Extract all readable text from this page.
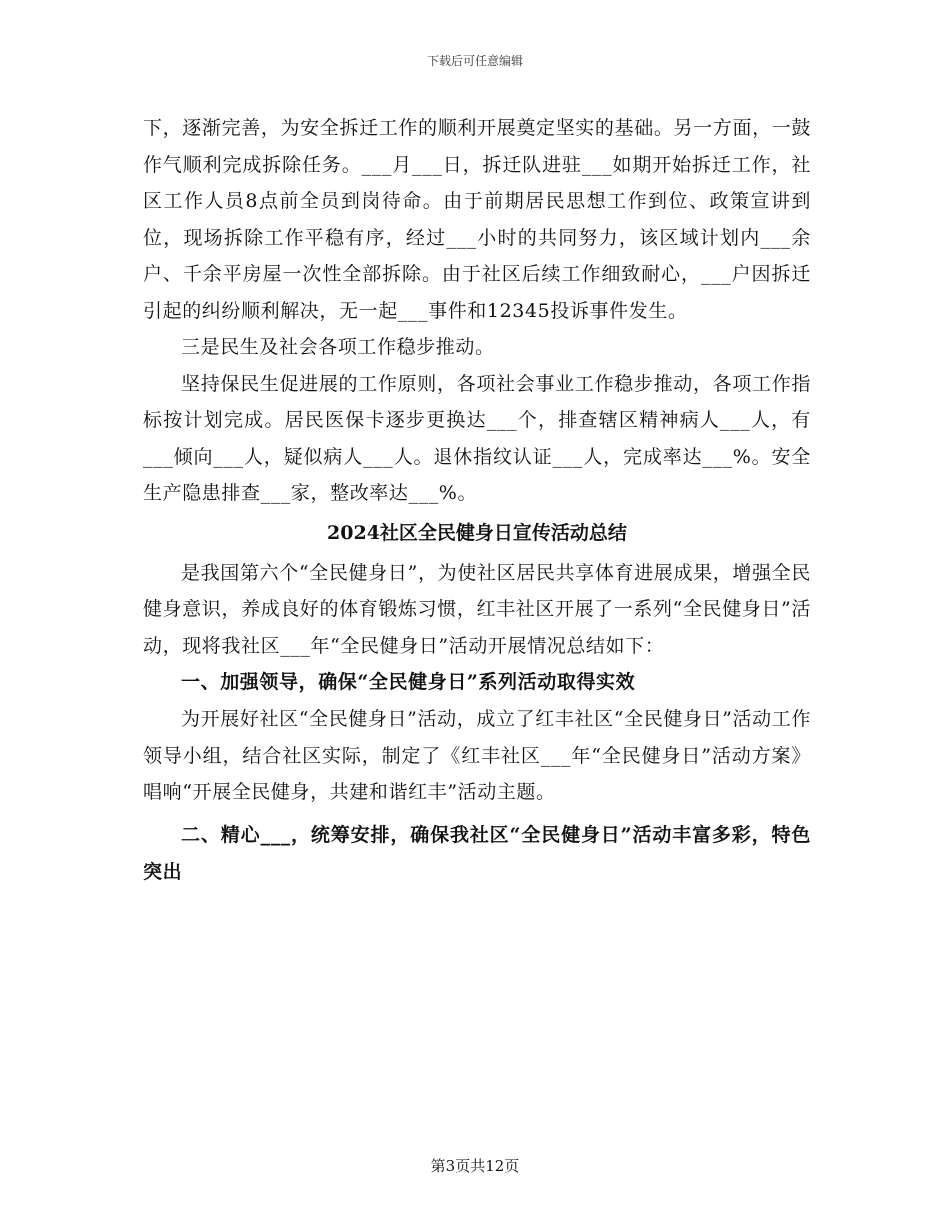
下载后可任意编辑

下，逐渐完善，为安全拆迁工作的顺利开展奠定坚实的基础。另一方面，一鼓作气顺利完成拆除任务。___月___日，拆迁队进驻___如期开始拆迁工作，社区工作人员8点前全员到岗待命。由于前期居民思想工作到位、政策宣讲到位，现场拆除工作平稳有序，经过___小时的共同努力，该区域计划内___余户、千余平房屋一次性全部拆除。由于社区后续工作细致耐心，___户因拆迁引起的纠纷顺利解决，无一起___事件和12345投诉事件发生。

三是民生及社会各项工作稳步推动。

坚持保民生促进展的工作原则，各项社会事业工作稳步推动，各项工作指标按计划完成。居民医保卡逐步更换达___个，排查辖区精神病人___人，有___倾向___人，疑似病人___人。退休指纹认证___人，完成率达___%。安全生产隐患排查___家，整改率达___%。

2024社区全民健身日宣传活动总结

是我国第六个“全民健身日”，为使社区居民共享体育进展成果，增强全民健身意识，养成良好的体育锻炼习惯，红丰社区开展了一系列“全民健身日”活动，现将我社区___年“全民健身日”活动开展情况总结如下：

一、加强领导，确保“全民健身日”系列活动取得实效

为开展好社区“全民健身日”活动，成立了红丰社区“全民健身日”活动工作领导小组，结合社区实际，制定了《红丰社区___年“全民健身日”活动方案》唱响“开展全民健身，共建和谐红丰”活动主题。

二、精心___，统筹安排，确保我社区“全民健身日”活动丰富多彩，特色突出

第3页共12页
